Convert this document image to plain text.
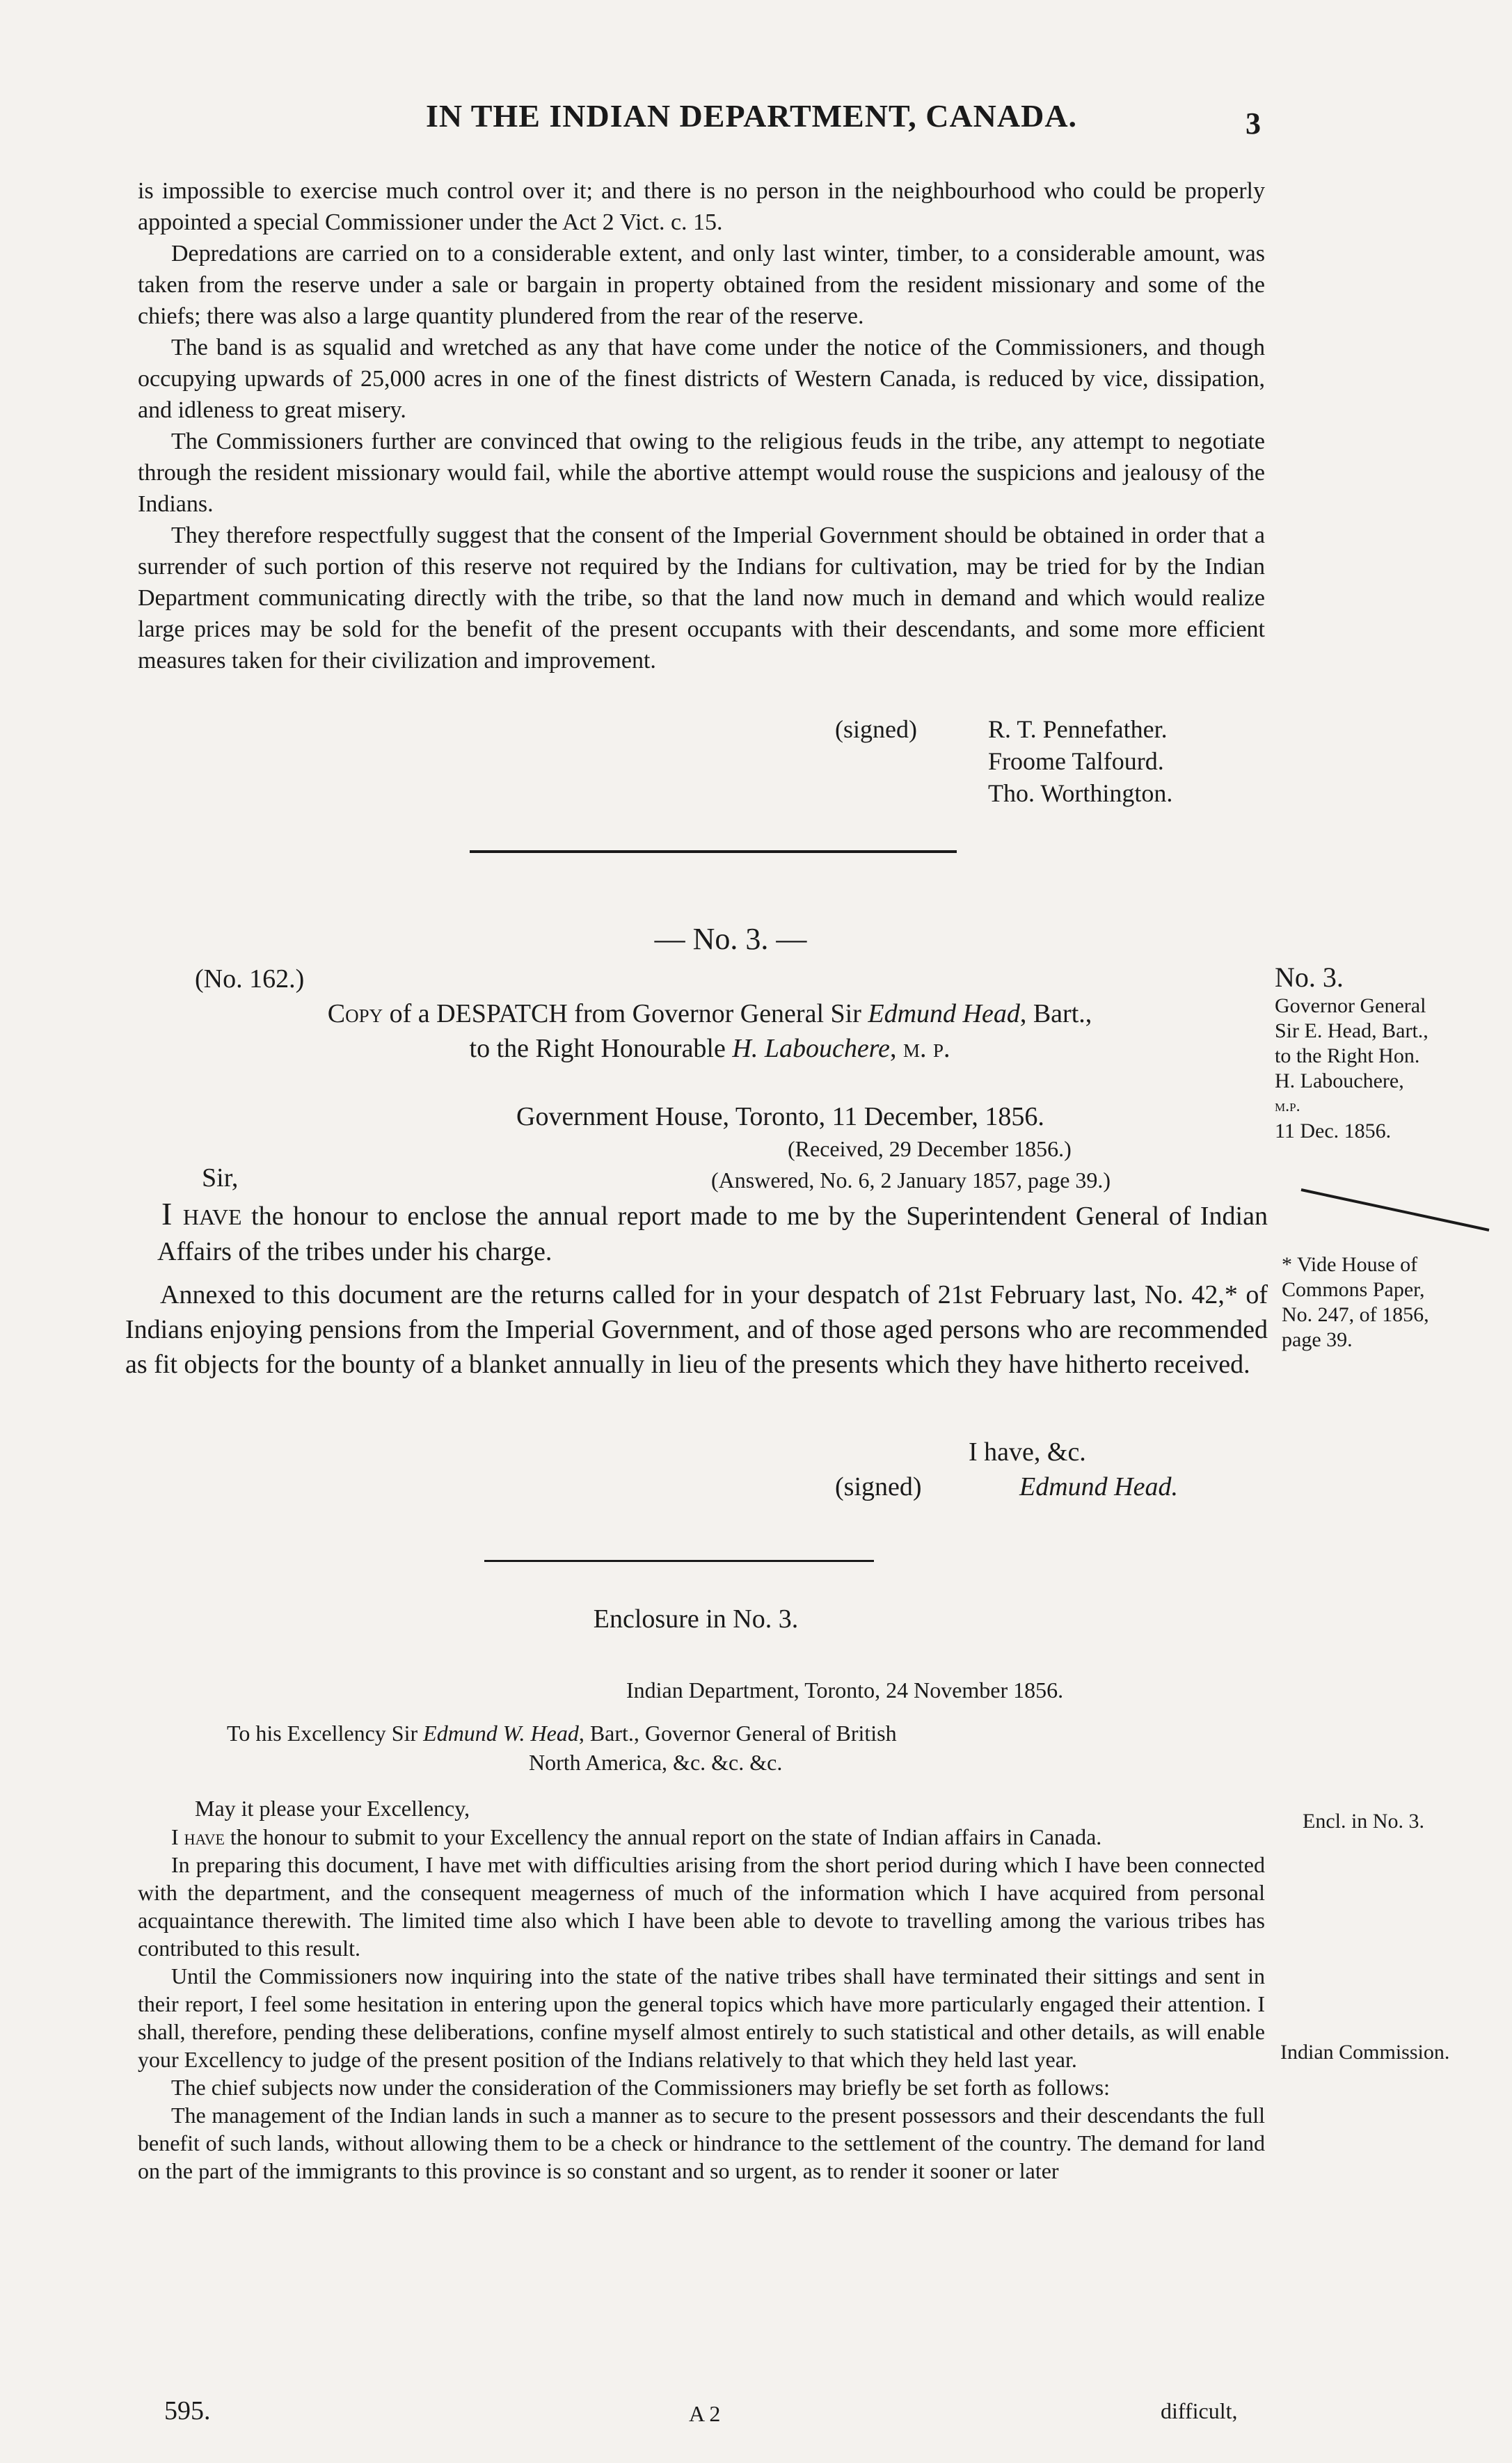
IN THE INDIAN DEPARTMENT, CANADA.	3

is impossible to exercise much control over it; and there is no person in the neighbourhood who could be properly appointed a special Commissioner under the Act 2 Vict. c. 15.

Depredations are carried on to a considerable extent, and only last winter, timber, to a considerable amount, was taken from the reserve under a sale or bargain in property obtained from the resident missionary and some of the chiefs; there was also a large quantity plundered from the rear of the reserve.

The band is as squalid and wretched as any that have come under the notice of the Commissioners, and though occupying upwards of 25,000 acres in one of the finest districts of Western Canada, is reduced by vice, dissipation, and idleness to great misery.

The Commissioners further are convinced that owing to the religious feuds in the tribe, any attempt to negotiate through the resident missionary would fail, while the abortive attempt would rouse the suspicions and jealousy of the Indians.

They therefore respectfully suggest that the consent of the Imperial Government should be obtained in order that a surrender of such portion of this reserve not required by the Indians for cultivation, may be tried for by the Indian Department communicating directly with the tribe, so that the land now much in demand and which would realize large prices may be sold for the benefit of the present occupants with their descendants, and some more efficient measures taken for their civilization and improvement.

(signed)	R. T. Pennefather.
Froome Talfourd.
Tho. Worthington.
— No. 3. —
(No. 162.)
Copy of a DESPATCH from Governor General Sir Edmund Head, Bart.,
to the Right Honourable H. Labouchere, m. p.
Government House, Toronto, 11 December, 1856.
(Received, 29 December 1856.)
Sir,	(Answered, No. 6, 2 January 1857, page 39.)
I have the honour to enclose the annual report made to me by the Superintendent General of Indian Affairs of the tribes under his charge.
Annexed to this document are the returns called for in your despatch of 21st February last, No. 42,* of Indians enjoying pensions from the Imperial Government, and of those aged persons who are recommended as fit objects for the bounty of a blanket annually in lieu of the presents which they have hitherto received.
I have, &c.
(signed)	Edmund Head.
No. 3.
Governor General
Sir E. Head, Bart.,
to the Right Hon.
H. Labouchere,
m.p.
11 Dec. 1856.
* Vide House of
Commons Paper,
No. 247, of 1856,
page 39.
Enclosure in No. 3.
Indian Department, Toronto, 24 November 1856.
To his Excellency Sir Edmund W. Head, Bart., Governor General of British
North America, &c. &c. &c.
May it please your Excellency,

I have the honour to submit to your Excellency the annual report on the state of Indian affairs in Canada.

In preparing this document, I have met with difficulties arising from the short period during which I have been connected with the department, and the consequent meagerness of much of the information which I have acquired from personal acquaintance therewith. The limited time also which I have been able to devote to travelling among the various tribes has contributed to this result.

Until the Commissioners now inquiring into the state of the native tribes shall have terminated their sittings and sent in their report, I feel some hesitation in entering upon the general topics which have more particularly engaged their attention. I shall, therefore, pending these deliberations, confine myself almost entirely to such statistical and other details, as will enable your Excellency to judge of the present position of the Indians relatively to that which they held last year.

The chief subjects now under the consideration of the Commissioners may briefly be set forth as follows:

The management of the Indian lands in such a manner as to secure to the present possessors and their descendants the full benefit of such lands, without allowing them to be a check or hindrance to the settlement of the country. The demand for land on the part of the immigrants to this province is so constant and so urgent, as to render it sooner or later

Encl. in No. 3.
Indian Commission.
595.	A 2	difficult,
